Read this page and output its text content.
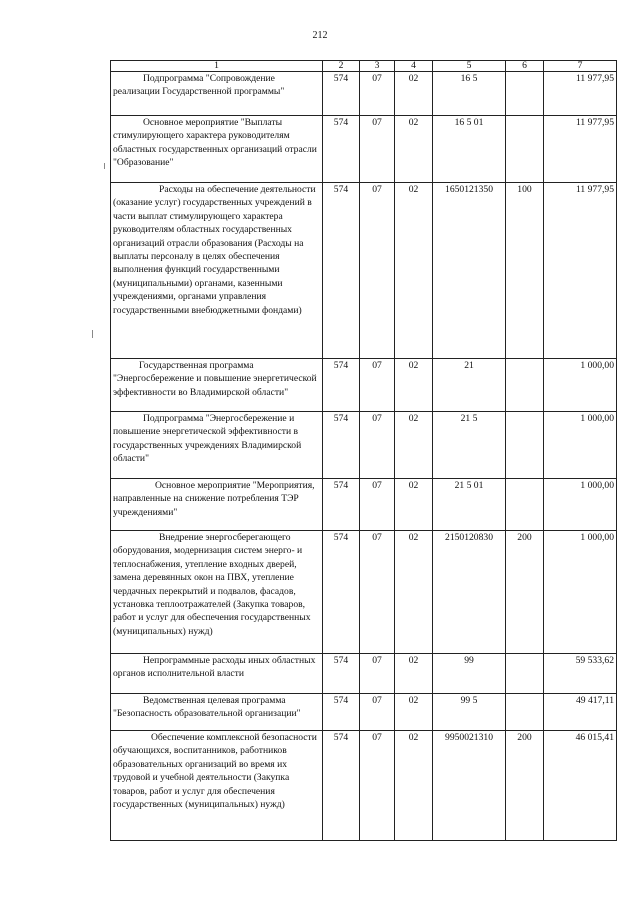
212
1	2	3	4	5	6	7
Подпрограмма "Сопровождение реализации Государственной программы"	574	07	02	16 5		11 977,95
Основное мероприятие "Выплаты стимулирующего характера руководителям областных государственных организаций отрасли "Образование"	574	07	02	16 5 01		11 977,95
Расходы на обеспечение деятельности (оказание услуг) государственных учреждений в части выплат стимулирующего характера руководителям областных государственных организаций отрасли образования (Расходы на выплаты персоналу в целях обеспечения выполнения функций государственными (муниципальными) органами, казенными учреждениями, органами управления государственными внебюджетными фондами)	574	07	02	1650121350	100	11 977,95
Государственная программа "Энергосбережение и повышение энергетической эффективности во Владимирской области"	574	07	02	21		1 000,00
Подпрограмма "Энергосбережение и повышение энергетической эффективности в государственных учреждениях Владимирской области"	574	07	02	21 5		1 000,00
Основное мероприятие "Мероприятия, направленные на снижение потребления ТЭР учреждениями"	574	07	02	21 5 01		1 000,00
Внедрение энергосберегающего оборудования, модернизация систем энерго- и теплоснабжения, утепление входных дверей, замена деревянных окон на ПВХ, утепление чердачных перекрытий и подвалов, фасадов, установка теплоотражателей (Закупка товаров, работ и услуг для обеспечения государственных (муниципальных) нужд)	574	07	02	2150120830	200	1 000,00
Непрограммные расходы иных областных органов исполнительной власти	574	07	02	99		59 533,62
Ведомственная целевая программа "Безопасность образовательной организации"	574	07	02	99 5		49 417,11
Обеспечение комплексной безопасности обучающихся, воспитанников, работников образовательных организаций во время их трудовой и учебной деятельности (Закупка товаров, работ и услуг для обеспечения государственных (муниципальных) нужд)	574	07	02	9950021310	200	46 015,41
